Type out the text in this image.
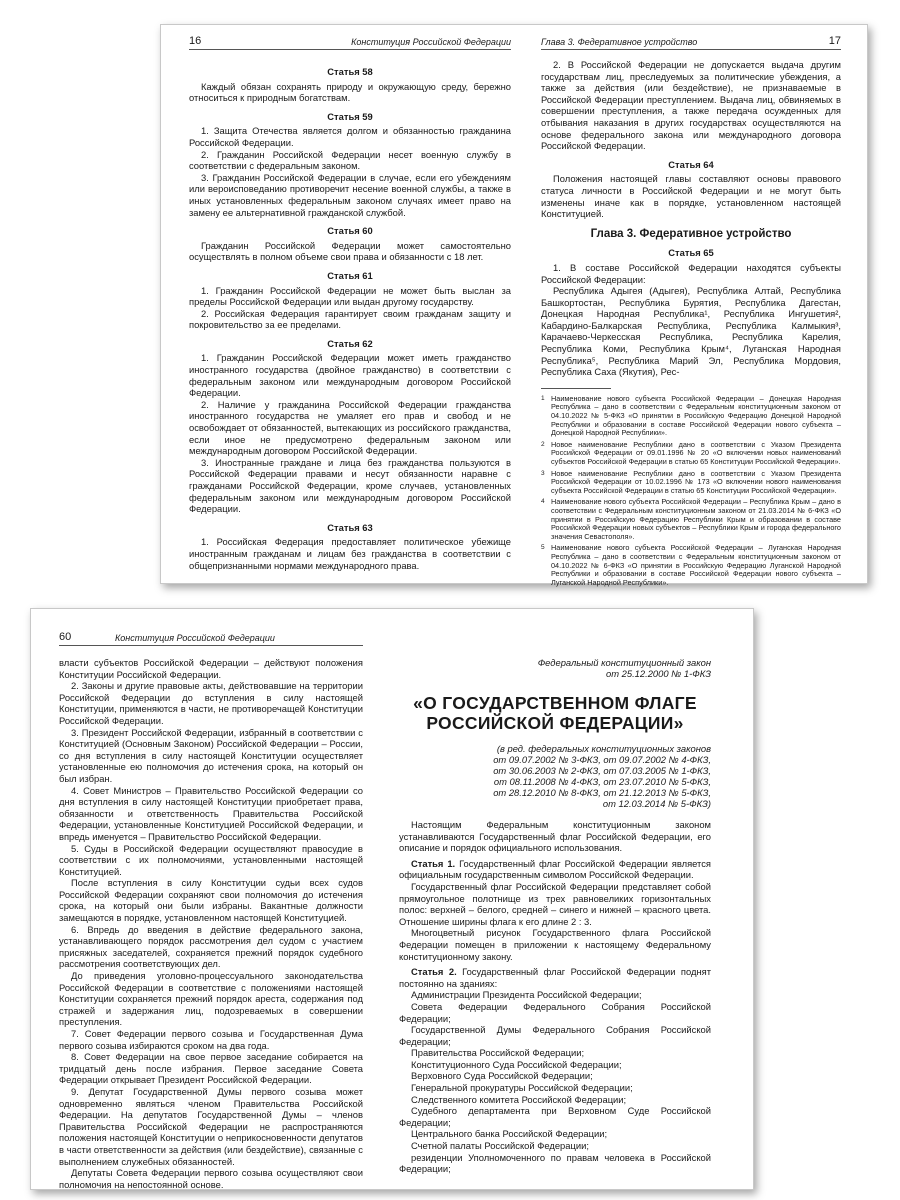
16	Конституция Российской Федерации

Статья 58

Каждый обязан сохранять природу и окружающую среду, бережно относиться к природным богатствам.

Статья 59

1. Защита Отечества является долгом и обязанностью гражданина Российской Федерации.

2. Гражданин Российской Федерации несет военную службу в соответствии с федеральным законом.

3. Гражданин Российской Федерации в случае, если его убеждениям или вероисповеданию противоречит несение военной службы, а также в иных установленных федеральным законом случаях имеет право на замену ее альтернативной гражданской службой.

Статья 60

Гражданин Российской Федерации может самостоятельно осуществлять в полном объеме свои права и обязанности с 18 лет.

Статья 61

1. Гражданин Российской Федерации не может быть выслан за пределы Российской Федерации или выдан другому государству.

2. Российская Федерация гарантирует своим гражданам защиту и покровительство за ее пределами.

Статья 62

1. Гражданин Российской Федерации может иметь гражданство иностранного государства (двойное гражданство) в соответствии с федеральным законом или международным договором Российской Федерации.

2. Наличие у гражданина Российской Федерации гражданства иностранного государства не умаляет его прав и свобод и не освобождает от обязанностей, вытекающих из российского гражданства, если иное не предусмотрено федеральным законом или международным договором Российской Федерации.

3. Иностранные граждане и лица без гражданства пользуются в Российской Федерации правами и несут обязанности наравне с гражданами Российской Федерации, кроме случаев, установленных федеральным законом или международным договором Российской Федерации.

Статья 63

1. Российская Федерация предоставляет политическое убежище иностранным гражданам и лицам без гражданства в соответствии с общепризнанными нормами международного права.

Глава 3. Федеративное устройство	17

2. В Российской Федерации не допускается выдача другим государствам лиц, преследуемых за политические убеждения, а также за действия (или бездействие), не признаваемые в Российской Федерации преступлением. Выдача лиц, обвиняемых в совершении преступления, а также передача осужденных для отбывания наказания в других государствах осуществляются на основе федерального закона или международного договора Российской Федерации.

Статья 64

Положения настоящей главы составляют основы правового статуса личности в Российской Федерации и не могут быть изменены иначе как в порядке, установленном настоящей Конституцией.

Глава 3. Федеративное устройство

Статья 65

1. В составе Российской Федерации находятся субъекты Российской Федерации:

Республика Адыгея (Адыгея), Республика Алтай, Республика Башкортостан, Республика Бурятия, Республика Дагестан, Донецкая Народная Республика¹, Республика Ингушетия², Кабардино-Балкарская Республика, Республика Калмыкия³, Карачаево-Черкесская Республика, Республика Карелия, Республика Коми, Республика Крым⁴, Луганская Народная Республика⁵, Республика Марий Эл, Республика Мордовия, Республика Саха (Якутия), Рес-

1 Наименование нового субъекта Российской Федерации – Донецкая Народная Республика – дано в соответствии с Федеральным конституционным законом от 04.10.2022 № 5-ФКЗ «О принятии в Российскую Федерацию Донецкой Народной Республики и образовании в составе Российской Федерации нового субъекта – Донецкой Народной Республики».
2 Новое наименование Республики дано в соответствии с Указом Президента Российской Федерации от 09.01.1996 № 20 «О включении новых наименований субъектов Российской Федерации в статью 65 Конституции Российской Федерации».
3 Новое наименование Республики дано в соответствии с Указом Президента Российской Федерации от 10.02.1996 № 173 «О включении нового наименования субъекта Российской Федерации в статью 65 Конституции Российской Федерации».
4 Наименование нового субъекта Российской Федерации – Республика Крым – дано в соответствии с Федеральным конституционным законом от 21.03.2014 № 6-ФКЗ «О принятии в Российскую Федерацию Республики Крым и образовании в составе Российской Федерации новых субъектов – Республики Крым и города федерального значения Севастополя».
5 Наименование нового субъекта Российской Федерации – Луганская Народная Республика – дано в соответствии с Федеральным конституционным законом от 04.10.2022 № 6-ФКЗ «О принятии в Российскую Федерацию Луганской Народной Республики и образовании в составе Российской Федерации нового субъекта – Луганской Народной Республики».
60	Конституция Российской Федерации

власти субъектов Российской Федерации – действуют положения Конституции Российской Федерации.

2. Законы и другие правовые акты, действовавшие на территории Российской Федерации до вступления в силу настоящей Конституции, применяются в части, не противоречащей Конституции Российской Федерации.

3. Президент Российской Федерации, избранный в соответствии с Конституцией (Основным Законом) Российской Федерации – России, со дня вступления в силу настоящей Конституции осуществляет установленные ею полномочия до истечения срока, на который он был избран.

4. Совет Министров – Правительство Российской Федерации со дня вступления в силу настоящей Конституции приобретает права, обязанности и ответственность Правительства Российской Федерации, установленные Конституцией Российской Федерации, и впредь именуется – Правительство Российской Федерации.

5. Суды в Российской Федерации осуществляют правосудие в соответствии с их полномочиями, установленными настоящей Конституцией.

После вступления в силу Конституции судьи всех судов Российской Федерации сохраняют свои полномочия до истечения срока, на который они были избраны. Вакантные должности замещаются в порядке, установленном настоящей Конституцией.

6. Впредь до введения в действие федерального закона, устанавливающего порядок рассмотрения дел судом с участием присяжных заседателей, сохраняется прежний порядок судебного рассмотрения соответствующих дел.

До приведения уголовно-процессуального законодательства Российской Федерации в соответствие с положениями настоящей Конституции сохраняется прежний порядок ареста, содержания под стражей и задержания лиц, подозреваемых в совершении преступления.

7. Совет Федерации первого созыва и Государственная Дума первого созыва избираются сроком на два года.

8. Совет Федерации на свое первое заседание собирается на тридцатый день после избрания. Первое заседание Совета Федерации открывает Президент Российской Федерации.

9. Депутат Государственной Думы первого созыва может одновременно являться членом Правительства Российской Федерации. На депутатов Государственной Думы – членов Правительства Российской Федерации не распространяются положения настоящей Конституции о неприкосновенности депутатов в части ответственности за действия (или бездействие), связанные с выполнением служебных обязанностей.

Депутаты Совета Федерации первого созыва осуществляют свои полномочия на непостоянной основе.

Федеральный конституционный закон
от 25.12.2000 № 1-ФКЗ
«О ГОСУДАРСТВЕННОМ ФЛАГЕ
РОССИЙСКОЙ ФЕДЕРАЦИИ»
(в ред. федеральных конституционных законов
от 09.07.2002 № 3-ФКЗ, от 09.07.2002 № 4-ФКЗ,
от 30.06.2003 № 2-ФКЗ, от 07.03.2005 № 1-ФКЗ,
от 08.11.2008 № 4-ФКЗ, от 23.07.2010 № 5-ФКЗ,
от 28.12.2010 № 8-ФКЗ, от 21.12.2013 № 5-ФКЗ,
от 12.03.2014 № 5-ФКЗ)

Настоящим Федеральным конституционным законом устанавливаются Государственный флаг Российской Федерации, его описание и порядок официального использования.

Статья 1. Государственный флаг Российской Федерации является официальным государственным символом Российской Федерации.

Государственный флаг Российской Федерации представляет собой прямоугольное полотнище из трех равновеликих горизонтальных полос: верхней – белого, средней – синего и нижней – красного цвета. Отношение ширины флага к его длине 2 : 3.

Многоцветный рисунок Государственного флага Российской Федерации помещен в приложении к настоящему Федеральному конституционному закону.

Статья 2. Государственный флаг Российской Федерации поднят постоянно на зданиях:

Администрации Президента Российской Федерации;

Совета Федерации Федерального Собрания Российской Федерации;

Государственной Думы Федерального Собрания Российской Федерации;

Правительства Российской Федерации;

Конституционного Суда Российской Федерации;

Верховного Суда Российской Федерации;

Генеральной прокуратуры Российской Федерации;

Следственного комитета Российской Федерации;

Судебного департамента при Верховном Суде Российской Федерации;

Центрального банка Российской Федерации;

Счетной палаты Российской Федерации;

резиденции Уполномоченного по правам человека в Российской Федерации;
